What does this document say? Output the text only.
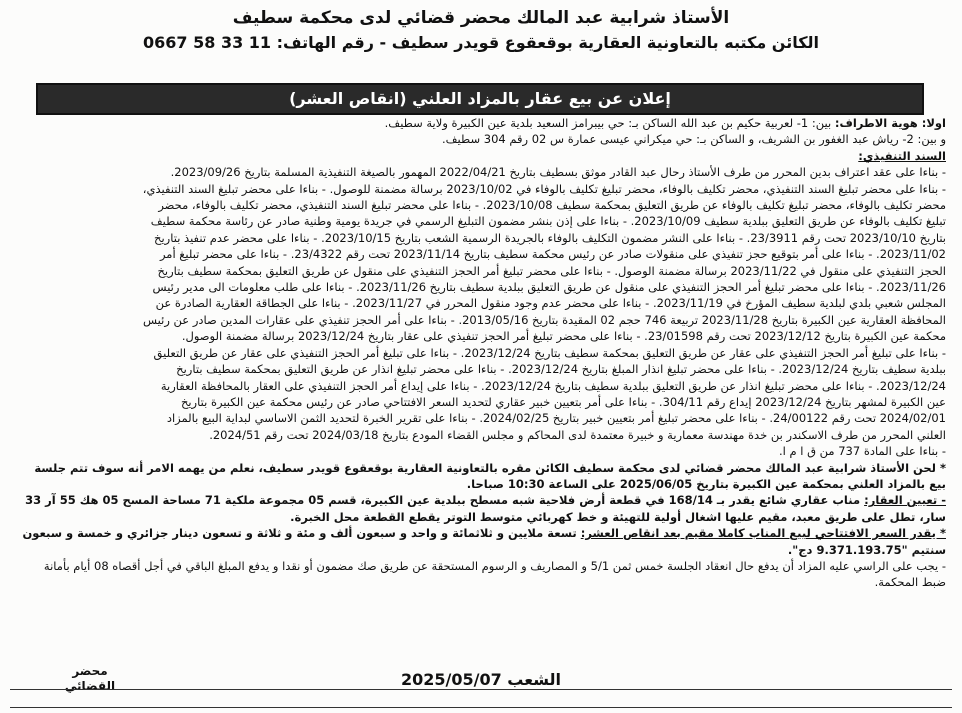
الأستاذ شرابية عبد المالك محضر قضائي لدى محكمة سطيف
الكائن مكتبه بالتعاونية العقارية بوقعقوع قويدر سطيف - رقم الهاتف: 11 33 58 0667
إعلان عن بيع عقار بالمزاد العلني (انقاص العشر)

اولا: هوية الاطراف: بين: 1- لعربية حكيم بن عبد الله الساكن بـ: حي بيبرامز السعيد بلدية عين الكبيرة ولاية سطيف.

و بين: 2- رياش عبد الغفور بن الشريف، و الساكن بـ: حي ميكراني عيسى عمارة س 02 رقم 304 سطيف.

السند التنفيذي:

- بناءا على عقد اعتراف بدين المحرر من طرف الأستاذ رحال عبد القادر موثق بسطيف بتاريخ 2022/04/21 المهمور بالصيغة التنفيذية المسلمة بتاريخ 2023/09/26.

- بناءا على محضر تبليغ السند التنفيذي، محضر تكليف بالوفاء، محضر تبليغ تكليف بالوفاء في 2023/10/02 برسالة مضمنة للوصول. - بناءا على محضر تبليغ السند التنفيذي،

محضر تكليف بالوفاء، محضر تبليغ تكليف بالوفاء عن طريق التعليق بمحكمة سطيف 2023/10/08. - بناءا على محضر تبليغ السند التنفيذي، محضر تكليف بالوفاء، محضر

تبليغ تكليف بالوفاء عن طريق التعليق ببلدية سطيف 2023/10/09. - بناءا على إذن بنشر مضمون التبليغ الرسمي في جريدة يومية وطنية صادر عن رئاسة محكمة سطيف

بتاريخ 2023/10/10 تحت رقم 23/3911. - بناءا على النشر مضمون التكليف بالوفاء بالجريدة الرسمية الشعب بتاريخ 2023/10/15. - بناءا على محضر عدم تنفيذ بتاريخ

2023/11/02. - بناءا على أمر بتوقيع حجز تنفيذي على منقولات صادر عن رئيس محكمة سطيف بتاريخ 2023/11/14 تحت رقم 23/4322. - بناءا على محضر تبليغ أمر

الحجز التنفيذي على منقول في 2023/11/22 برسالة مضمنة الوصول. - بناءا على محضر تبليغ أمر الحجز التنفيذي على منقول عن طريق التعليق بمحكمة سطيف بتاريخ

2023/11/26. - بناءا على محضر تبليغ أمر الحجز التنفيذي على منقول عن طريق التعليق ببلدية سطيف بتاريخ 2023/11/26. - بناءا على طلب معلومات الى مدير رئيس

المجلس شعبي بلدي لبلدية سطيف المؤرخ في 2023/11/19. - بناءا على محضر عدم وجود منقول المحرر في 2023/11/27. - بناءا على الجطاقة العقارية الصادرة عن

المحافظة العقارية عين الكبيرة بتاريخ 2023/11/28 تربيعة 746 حجم 02 المقيدة بتاريخ 2013/05/16. - بناءا على أمر الحجز تنفيذي على عقارات المدين صادر عن رئيس

محكمة عين الكبيرة بتاريخ 2023/12/12 تحت رقم 23/01598. - بناءا على محضر تبليغ أمر الحجز تنفيذي على عقار بتاريخ 2023/12/24 برسالة مضمنة الوصول.

- بناءا على تبليغ أمر الحجز التنفيذي على عقار عن طريق التعليق بمحكمة سطيف بتاريخ 2023/12/24. - بناءا على تبليغ أمر الحجز التنفيذي على عقار عن طريق التعليق

ببلدية سطيف بتاريخ 2023/12/24. - بناءا على محضر تبليغ انذار المبلغ بتاريخ 2023/12/24. - بناءا على محضر تبليغ انذار عن طريق التعليق بمحكمة سطيف بتاريخ

2023/12/24. - بناءا على محضر تبليغ انذار عن طريق التعليق ببلدية سطيف بتاريخ 2023/12/24. - بناءا على إيداع أمر الحجز التنفيذي على العقار بالمحافظة العقارية

عين الكبيرة لمشهر بتاريخ 2023/12/24 إيداع رقم 304/11. - بناءا على أمر بتعيين خبير عقاري لتحديد السعر الافتتاحي صادر عن رئيس محكمة عين الكبيرة بتاريخ

2024/02/01 تحت رقم 24/00122. - بناءا على محضر تبليغ أمر بتعيين خبير بتاريخ 2024/02/25. - بناءا على تقرير الخبرة لتحديد الثمن الاساسي لبداية البيع بالمزاد

العلني المحرر من طرف الاسكندر بن خدة مهندسة معمارية و خبيرة معتمدة لدى المحاكم و مجلس القضاء المودع بتاريخ 2024/03/18 تحت رقم 2024/51.

- بناءا على المادة 737 من ق ا م ا.

* لحن الأستاذ شرابية عبد المالك محضر قضائي لدى محكمة سطيف الكائن مقره بالتعاونية العقارية بوقعقوع قويدر سطيف، نعلم من يهمه الامر أنه سوف تتم جلسة بيع بالمزاد العلني بمحكمة عين الكبيرة بتاريخ 2025/06/05 على الساعة 10:30 صباحا.

- تعيين العقار: مناب عقاري شائع يقدر بـ 168/14 في قطعة أرض فلاحية شبه مسطح ببلدية عين الكبيرة، قسم 05 مجموعة ملكية 71 مساحة المسح 05 هك 55 آر 33 سار، تطل على طريق معبد، مقيم عليها اشغال أولية للتهيئة و خط كهربائي متوسط التوتر يقطع القطعة محل الخبرة.

* يقدر السعر الافتتاحي لبيع المناب كاملا مقيم بعد انقاص العشر: تسعة ملايين و ثلاثمائة و واحد و سبعون ألف و مئة و ثلاثة و تسعون دينار جزائري و خمسة و سبعون سنتيم "9.371.193.75 دج".

- يجب على الراسي عليه المزاد أن يدفع حال انعقاد الجلسة خمس ثمن 5/1 و المصاريف و الرسوم المستحقة عن طريق صك مضمون أو نقدا و يدفع المبلغ الباقي في أجل أقصاه 08 أيام بأمانة ضبط المحكمة.

محضر
القضائي	الشعب 2025/05/07
